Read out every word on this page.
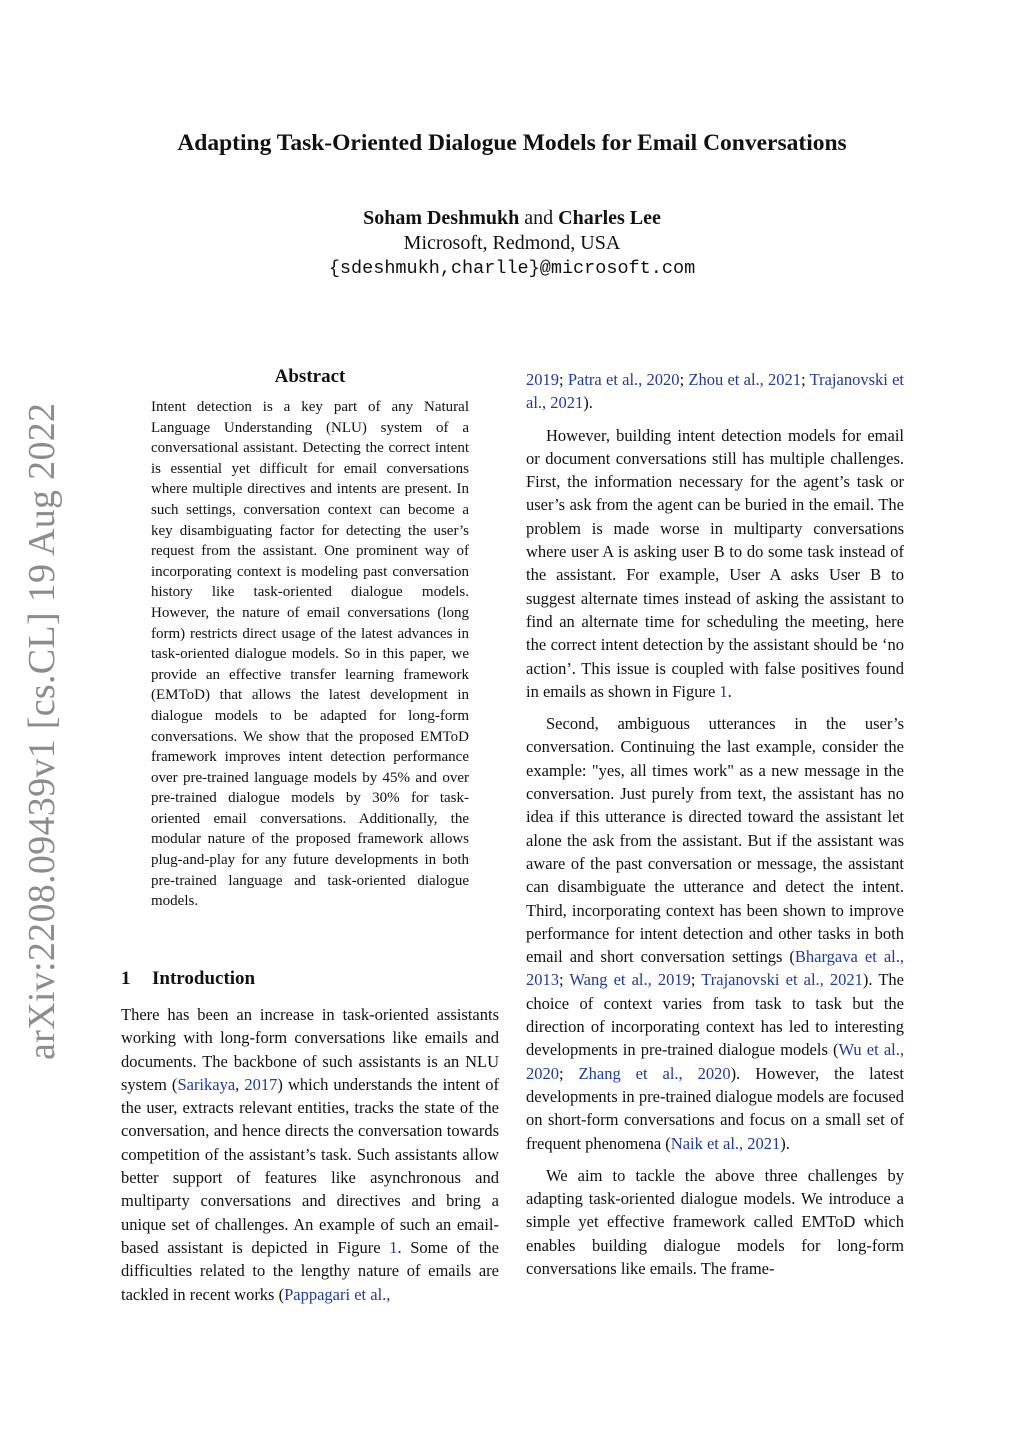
arXiv:2208.09439v1 [cs.CL] 19 Aug 2022
Adapting Task-Oriented Dialogue Models for Email Conversations
Soham Deshmukh and Charles Lee
Microsoft, Redmond, USA
{sdeshmukh,charlle}@microsoft.com
Abstract

Intent detection is a key part of any Natural Language Understanding (NLU) system of a conversational assistant. Detecting the correct intent is essential yet difficult for email conversations where multiple directives and intents are present. In such settings, conversation context can become a key disambiguating factor for detecting the user’s request from the assistant. One prominent way of incorporating context is modeling past conversation history like task-oriented dialogue models. However, the nature of email conversations (long form) restricts direct usage of the latest advances in task-oriented dialogue models. So in this paper, we provide an effective transfer learning framework (EMToD) that allows the latest development in dialogue models to be adapted for long-form conversations. We show that the proposed EMToD framework improves intent detection performance over pre-trained language models by 45% and over pre-trained dialogue models by 30% for task-oriented email conversations. Additionally, the modular nature of the proposed framework allows plug-and-play for any future developments in both pre-trained language and task-oriented dialogue models.

1 Introduction

There has been an increase in task-oriented assistants working with long-form conversations like emails and documents. The backbone of such assistants is an NLU system (Sarikaya, 2017) which understands the intent of the user, extracts relevant entities, tracks the state of the conversation, and hence directs the conversation towards competition of the assistant’s task. Such assistants allow better support of features like asynchronous and multiparty conversations and directives and bring a unique set of challenges. An example of such an email-based assistant is depicted in Figure 1. Some of the difficulties related to the lengthy nature of emails are tackled in recent works (Pappagari et al.,

2019; Patra et al., 2020; Zhou et al., 2021; Trajanovski et al., 2021).

However, building intent detection models for email or document conversations still has multiple challenges. First, the information necessary for the agent’s task or user’s ask from the agent can be buried in the email. The problem is made worse in multiparty conversations where user A is asking user B to do some task instead of the assistant. For example, User A asks User B to suggest alternate times instead of asking the assistant to find an alternate time for scheduling the meeting, here the correct intent detection by the assistant should be ‘no action’. This issue is coupled with false positives found in emails as shown in Figure 1.

Second, ambiguous utterances in the user’s conversation. Continuing the last example, consider the example: "yes, all times work" as a new message in the conversation. Just purely from text, the assistant has no idea if this utterance is directed toward the assistant let alone the ask from the assistant. But if the assistant was aware of the past conversation or message, the assistant can disambiguate the utterance and detect the intent. Third, incorporating context has been shown to improve performance for intent detection and other tasks in both email and short conversation settings (Bhargava et al., 2013; Wang et al., 2019; Trajanovski et al., 2021). The choice of context varies from task to task but the direction of incorporating context has led to interesting developments in pre-trained dialogue models (Wu et al., 2020; Zhang et al., 2020). However, the latest developments in pre-trained dialogue models are focused on short-form conversations and focus on a small set of frequent phenomena (Naik et al., 2021).

We aim to tackle the above three challenges by adapting task-oriented dialogue models. We introduce a simple yet effective framework called EMToD which enables building dialogue models for long-form conversations like emails. The frame-
